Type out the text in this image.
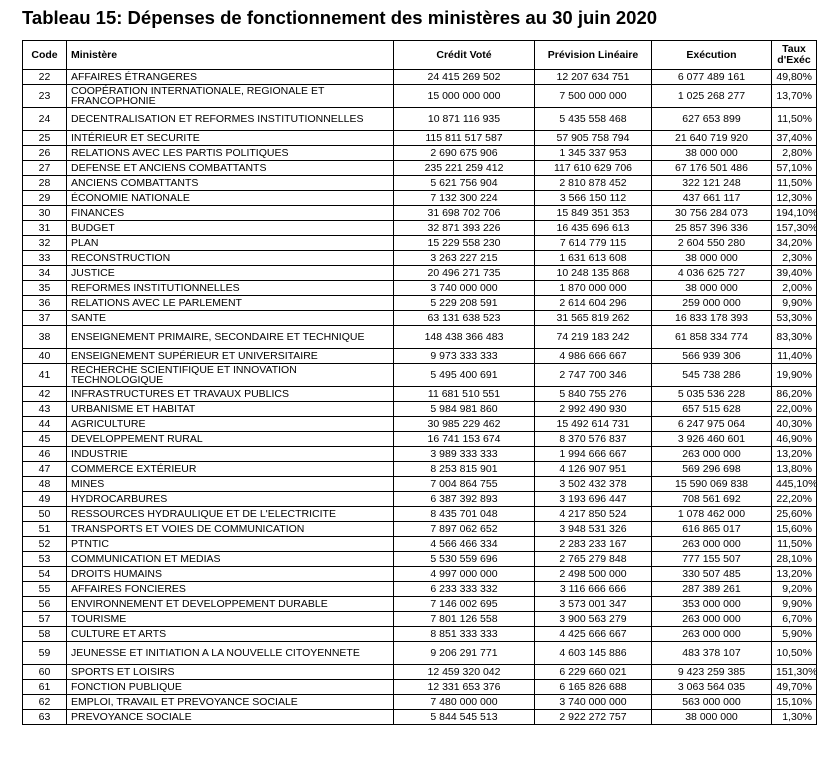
Tableau 15: Dépenses de fonctionnement des ministères au 30 juin 2020
Code	Ministère	Crédit Voté	Prévision Linéaire	Exécution	Taux
d'Exéc
22	AFFAIRES ÉTRANGERES	24 415 269 502	12 207 634 751	6 077 489 161	49,80%
23	COOPÉRATION INTERNATIONALE, REGIONALE ET FRANCOPHONIE	15 000 000 000	7 500 000 000	1 025 268 277	13,70%
24	DECENTRALISATION ET REFORMES INSTITUTIONNELLES	10 871 116 935	5 435 558 468	627 653 899	11,50%
25	INTÉRIEUR ET SECURITE	115 811 517 587	57 905 758 794	21 640 719 920	37,40%
26	RELATIONS AVEC LES PARTIS POLITIQUES	2 690 675 906	1 345 337 953	38 000 000	2,80%
27	DEFENSE ET ANCIENS COMBATTANTS	235 221 259 412	117 610 629 706	67 176 501 486	57,10%
28	ANCIENS COMBATTANTS	5 621 756 904	2 810 878 452	322 121 248	11,50%
29	ÉCONOMIE NATIONALE	7 132 300 224	3 566 150 112	437 661 117	12,30%
30	FINANCES	31 698 702 706	15 849 351 353	30 756 284 073	194,10%
31	BUDGET	32 871 393 226	16 435 696 613	25 857 396 336	157,30%
32	PLAN	15 229 558 230	7 614 779 115	2 604 550 280	34,20%
33	RECONSTRUCTION	3 263 227 215	1 631 613 608	38 000 000	2,30%
34	JUSTICE	20 496 271 735	10 248 135 868	4 036 625 727	39,40%
35	REFORMES INSTITUTIONNELLES	3 740 000 000	1 870 000 000	38 000 000	2,00%
36	RELATIONS AVEC LE PARLEMENT	5 229 208 591	2 614 604 296	259 000 000	9,90%
37	SANTE	63 131 638 523	31 565 819 262	16 833 178 393	53,30%
38	ENSEIGNEMENT PRIMAIRE, SECONDAIRE ET TECHNIQUE	148 438 366 483	74 219 183 242	61 858 334 774	83,30%
40	ENSEIGNEMENT SUPÉRIEUR ET UNIVERSITAIRE	9 973 333 333	4 986 666 667	566 939 306	11,40%
41	RECHERCHE SCIENTIFIQUE ET INNOVATION TECHNOLOGIQUE	5 495 400 691	2 747 700 346	545 738 286	19,90%
42	INFRASTRUCTURES ET TRAVAUX PUBLICS	11 681 510 551	5 840 755 276	5 035 536 228	86,20%
43	URBANISME ET HABITAT	5 984 981 860	2 992 490 930	657 515 628	22,00%
44	AGRICULTURE	30 985 229 462	15 492 614 731	6 247 975 064	40,30%
45	DEVELOPPEMENT RURAL	16 741 153 674	8 370 576 837	3 926 460 601	46,90%
46	INDUSTRIE	3 989 333 333	1 994 666 667	263 000 000	13,20%
47	COMMERCE EXTÉRIEUR	8 253 815 901	4 126 907 951	569 296 698	13,80%
48	MINES	7 004 864 755	3 502 432 378	15 590 069 838	445,10%
49	HYDROCARBURES	6 387 392 893	3 193 696 447	708 561 692	22,20%
50	RESSOURCES HYDRAULIQUE ET DE L'ELECTRICITE	8 435 701 048	4 217 850 524	1 078 462 000	25,60%
51	TRANSPORTS ET VOIES DE COMMUNICATION	7 897 062 652	3 948 531 326	616 865 017	15,60%
52	PTNTIC	4 566 466 334	2 283 233 167	263 000 000	11,50%
53	COMMUNICATION ET MEDIAS	5 530 559 696	2 765 279 848	777 155 507	28,10%
54	DROITS HUMAINS	4 997 000 000	2 498 500 000	330 507 485	13,20%
55	AFFAIRES FONCIERES	6 233 333 332	3 116 666 666	287 389 261	9,20%
56	ENVIRONNEMENT ET DEVELOPPEMENT DURABLE	7 146 002 695	3 573 001 347	353 000 000	9,90%
57	TOURISME	7 801 126 558	3 900 563 279	263 000 000	6,70%
58	CULTURE ET ARTS	8 851 333 333	4 425 666 667	263 000 000	5,90%
59	JEUNESSE ET INITIATION A LA NOUVELLE CITOYENNETE	9 206 291 771	4 603 145 886	483 378 107	10,50%
60	SPORTS ET LOISIRS	12 459 320 042	6 229 660 021	9 423 259 385	151,30%
61	FONCTION PUBLIQUE	12 331 653 376	6 165 826 688	3 063 564 035	49,70%
62	EMPLOI, TRAVAIL ET PREVOYANCE SOCIALE	7 480 000 000	3 740 000 000	563 000 000	15,10%
63	PREVOYANCE SOCIALE	5 844 545 513	2 922 272 757	38 000 000	1,30%
